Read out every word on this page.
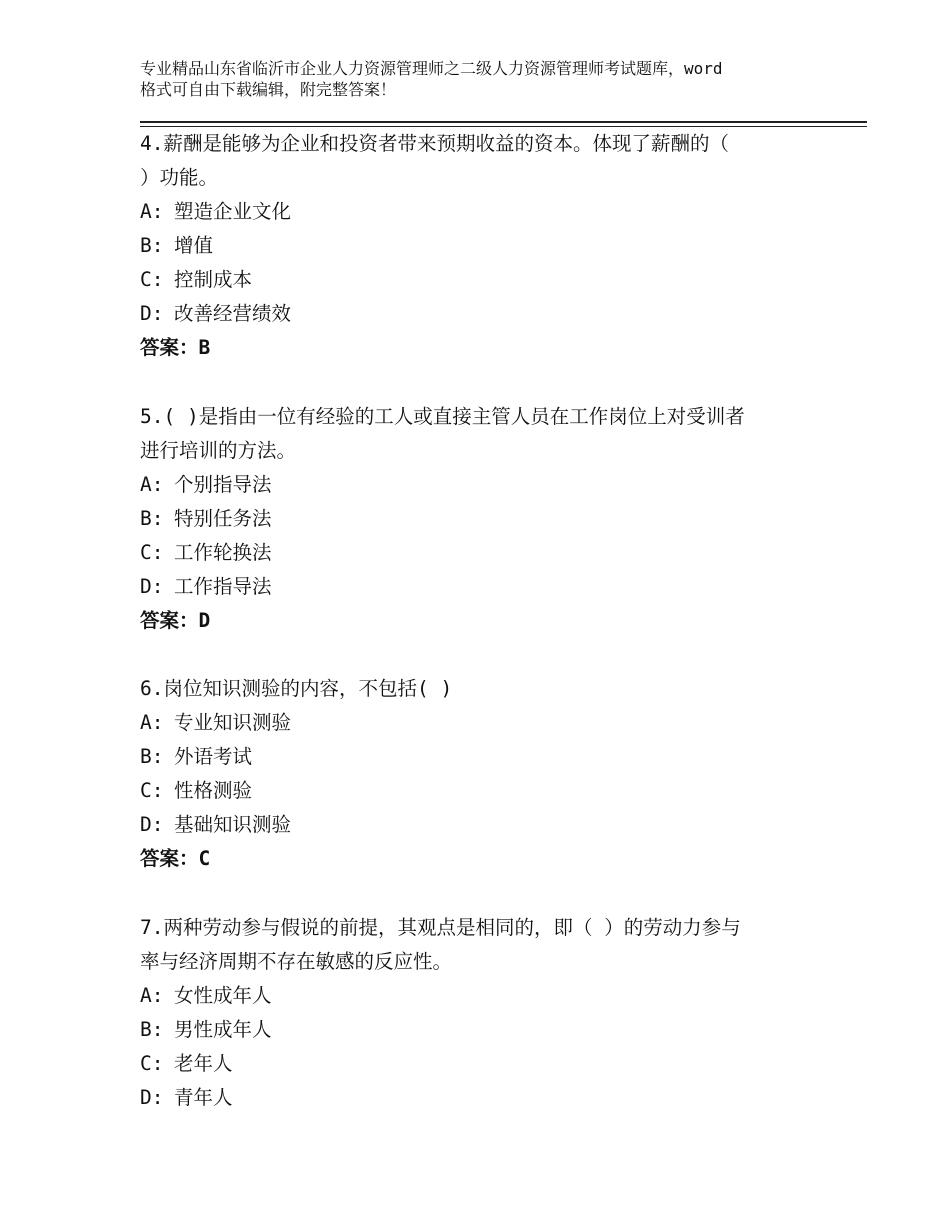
专业精品山东省临沂市企业人力资源管理师之二级人力资源管理师考试题库，word
格式可自由下载编辑，附完整答案！
4.薪酬是能够为企业和投资者带来预期收益的资本。体现了薪酬的（
）功能。
A: 塑造企业文化
B: 增值
C: 控制成本
D: 改善经营绩效
答案：B
5.( )是指由一位有经验的工人或直接主管人员在工作岗位上对受训者
进行培训的方法。
A: 个别指导法
B: 特别任务法
C: 工作轮换法
D: 工作指导法
答案：D
6.岗位知识测验的内容，不包括( )
A: 专业知识测验
B: 外语考试
C: 性格测验
D: 基础知识测验
答案：C
7.两种劳动参与假说的前提，其观点是相同的，即（ ）的劳动力参与
率与经济周期不存在敏感的反应性。
A: 女性成年人
B: 男性成年人
C: 老年人
D: 青年人
